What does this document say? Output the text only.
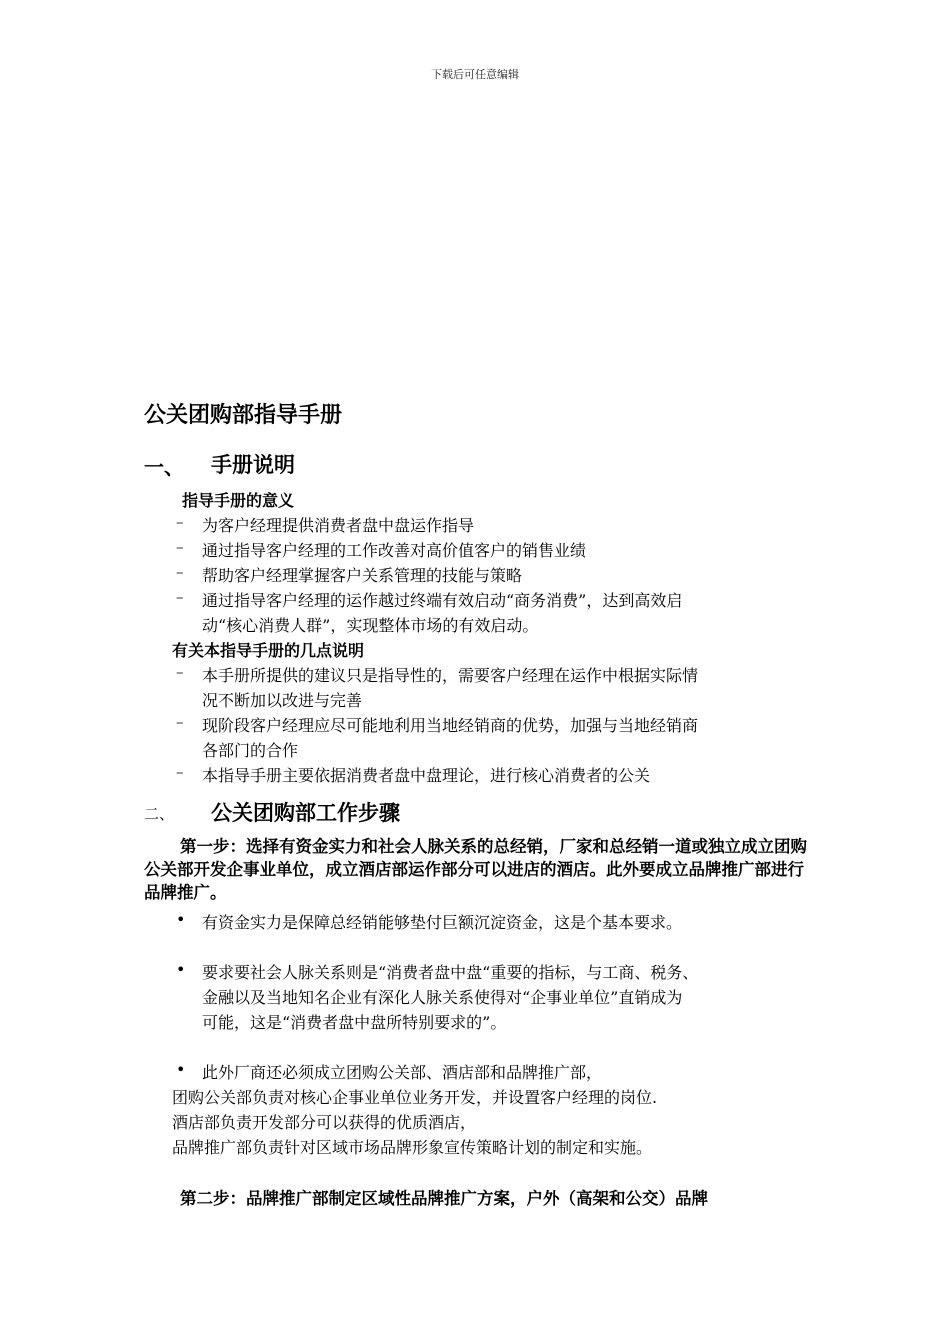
下载后可任意编辑
公关团购部指导手册
一、 手册说明
指导手册的意义
– 为客户经理提供消费者盘中盘运作指导
– 通过指导客户经理的工作改善对高价值客户的销售业绩
– 帮助客户经理掌握客户关系管理的技能与策略
– 通过指导客户经理的运作越过终端有效启动“商务消费”，达到高效启
动“核心消费人群”，实现整体市场的有效启动。
有关本指导手册的几点说明
– 本手册所提供的建议只是指导性的，需要客户经理在运作中根据实际情
况不断加以改进与完善
– 现阶段客户经理应尽可能地利用当地经销商的优势，加强与当地经销商
各部门的合作
– 本指导手册主要依据消费者盘中盘理论，进行核心消费者的公关
二、 公关团购部工作步骤
第一步：选择有资金实力和社会人脉关系的总经销，厂家和总经销一道或独立成立团购公关部开发企事业单位，成立酒店部运作部分可以进店的酒店。此外要成立品牌推广部进行品牌推广。
• 有资金实力是保障总经销能够垫付巨额沉淀资金，这是个基本要求。
• 要求要社会人脉关系则是“消费者盘中盘“重要的指标，与工商、税务、
金融以及当地知名企业有深化人脉关系使得对“企事业单位”直销成为
可能，这是“消费者盘中盘所特别要求的”。
• 此外厂商还必须成立团购公关部、酒店部和品牌推广部，
团购公关部负责对核心企事业单位业务开发，并设置客户经理的岗位.
酒店部负责开发部分可以获得的优质酒店，
品牌推广部负责针对区域市场品牌形象宣传策略计划的制定和实施。
第二步：品牌推广部制定区域性品牌推广方案，户外（高架和公交）品牌
